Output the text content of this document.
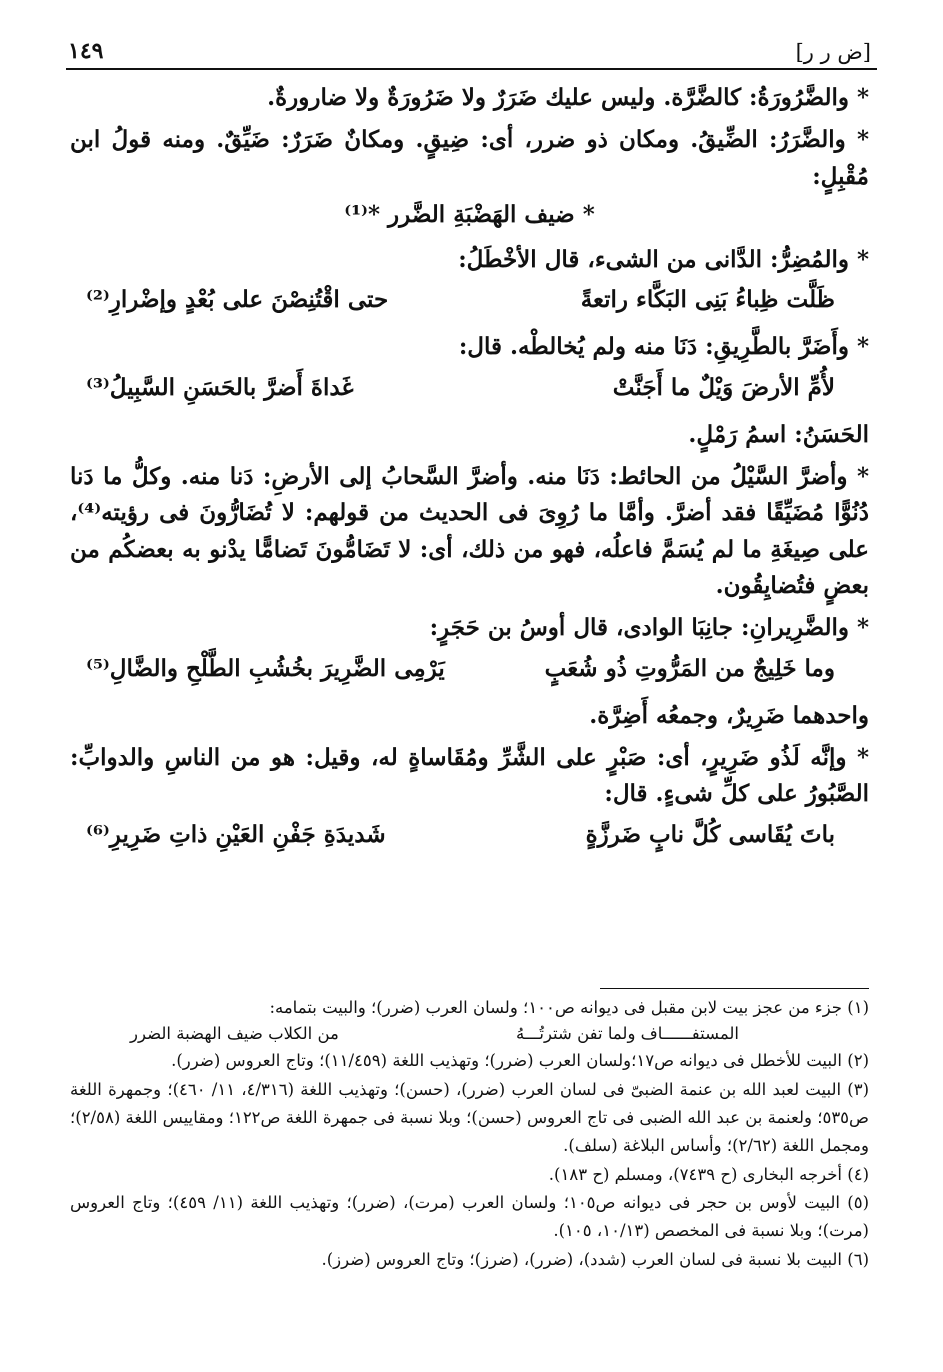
[ض ر ر]
١٤٩

* والضَّرُورَةُ: كالضَّرَّة. وليس عليك ضَرَرٌ ولا ضَرُورَةٌ ولا ضارورةٌ.

* والضَّرَرُ: الضِّيقُ. ومكان ذو ضرر، أى: ضِيقٍ. ومكانٌ ضَرَرٌ: ضَيِّقٌ. ومنه قولُ ابن مُقْبِلٍ:

* ضيف الهَضْبَةِ الضَّرر *⁽¹⁾

* والمُضِرُّ: الدَّانى من الشىء، قال الأخْطَلُ:

ظَلَّت ظِباءُ بَنِى البَكَّاء راتعةً
حتى اقْتُنِصْنَ على بُعْدٍ وإضْرارِ⁽²⁾

* وأَضَرَّ بالطَّرِيقِ: دَنَا منه ولم يُخالطْه. قال:

لأُمِّ الأرضَ وَيْلٌ ما أَجَنَّتْ
غَداةَ أَضرَّ بالحَسَنِ السَّبِيلُ⁽³⁾

الحَسَنُ: اسمُ رَمْلٍ.

* وأضرَّ السَّيْلُ من الحائط: دَنَا منه. وأضرَّ السَّحابُ إلى الأرضِ: دَنا منه. وكلُّ ما دَنا دُنُوًّا مُضَيِّقًا فقد أضرَّ. وأمَّا ما رُوِىَ فى الحديث من قولهم: لا تُضَارُّونَ فى رؤيته⁽⁴⁾، على صِيغَةِ ما لم يُسَمَّ فاعلُه، فهو من ذلك، أى: لا تَضَامُّونَ تَضامًّا يدْنو به بعضكُم من بعضٍ فتُضايِقُون.

* والضَّرِيرانِ: جانِبَا الوادى، قال أوسُ بن حَجَرٍ:

وما خَلِيجٌ من المَرُّوتِ ذُو شُعَبٍ
يَرْمِى الضَّرِيرَ بخُشُبِ الطَّلْحِ والضَّالِ⁽⁵⁾

واحدهما ضَرِيرٌ، وجمعُه أَضِرَّة.

* وإنَّه لَذُو ضَرِيرٍ، أى: صَبْرٍ على الشَّرِّ ومُقَاساةٍ له، وقيل: هو من الناسِ والدوابِّ: الصَّبُورُ على كلِّ شىءٍ. قال:

باتَ يُقَاسى كُلَّ نابٍ ضَرزَّةٍ
شَديدَةِ جَفْنِ العَيْنِ ذاتِ ضَرِيرِ⁽⁶⁾

(١) جزء من عجز بيت لابن مقبل فى ديوانه ص١٠٠؛ ولسان العرب (ضرر)؛ والبيت بتمامه:

المستفــــــاف ولما تفن شترتُـــهُ
من الكلاب ضيف الهضبة الضرر

(٢) البيت للأخطل فى ديوانه ص١٧؛ولسان العرب (ضرر)؛ وتهذيب اللغة (١١/٤٥٩)؛ وتاج العروس (ضرر).

(٣) البيت لعبد الله بن عنمة الضبىّ فى لسان العرب (ضرر)، (حسن)؛ وتهذيب اللغة (٤/٣١٦، ١١/ ٤٦٠)؛ وجمهرة اللغة ص٥٣٥؛ ولعنمة بن عبد الله الضبى فى تاج العروس (حسن)؛ وبلا نسبة فى جمهرة اللغة ص١٢٢؛ ومقاييس اللغة (٢/٥٨)؛ ومجمل اللغة (٢/٦٢)؛ وأساس البلاغة (سلف).

(٤) أخرجه البخارى (ح ٧٤٣٩)، ومسلم (ح ١٨٣).

(٥) البيت لأوس بن حجر فى ديوانه ص١٠٥؛ ولسان العرب (مرت)، (ضرر)؛ وتهذيب اللغة (١١/ ٤٥٩)؛ وتاج العروس (مرت)؛ وبلا نسبة فى المخصص (١٠/١٣، ١٠٥).

(٦) البيت بلا نسبة فى لسان العرب (شدد)، (ضرر)، (ضرز)؛ وتاج العروس (ضرز).
